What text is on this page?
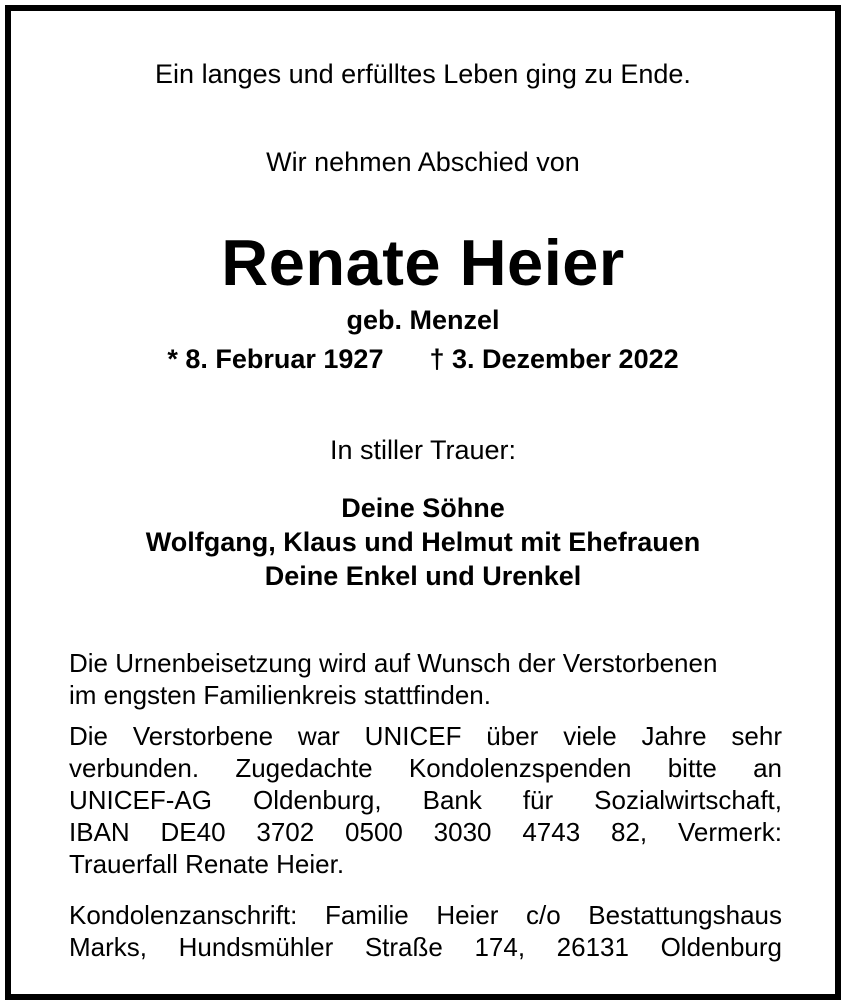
Ein langes und erfülltes Leben ging zu Ende.
Wir nehmen Abschied von
Renate Heier
geb. Menzel
* 8. Februar 1927 † 3. Dezember 2022
In stiller Trauer:
Deine Söhne
Wolfgang, Klaus und Helmut mit Ehefrauen
Deine Enkel und Urenkel
Die Urnenbeisetzung wird auf Wunsch der Verstorbenen
im engsten Familienkreis stattfinden.
Die Verstorbene war UNICEF über viele Jahre sehr
verbunden. Zugedachte Kondolenzspenden bitte an
UNICEF-AG Oldenburg, Bank für Sozialwirtschaft,
IBAN DE40 3702 0500 3030 4743 82, Vermerk:
Trauerfall Renate Heier.
Kondolenzanschrift: Familie Heier c/o Bestattungshaus
Marks, Hundsmühler Straße 174, 26131 Oldenburg
